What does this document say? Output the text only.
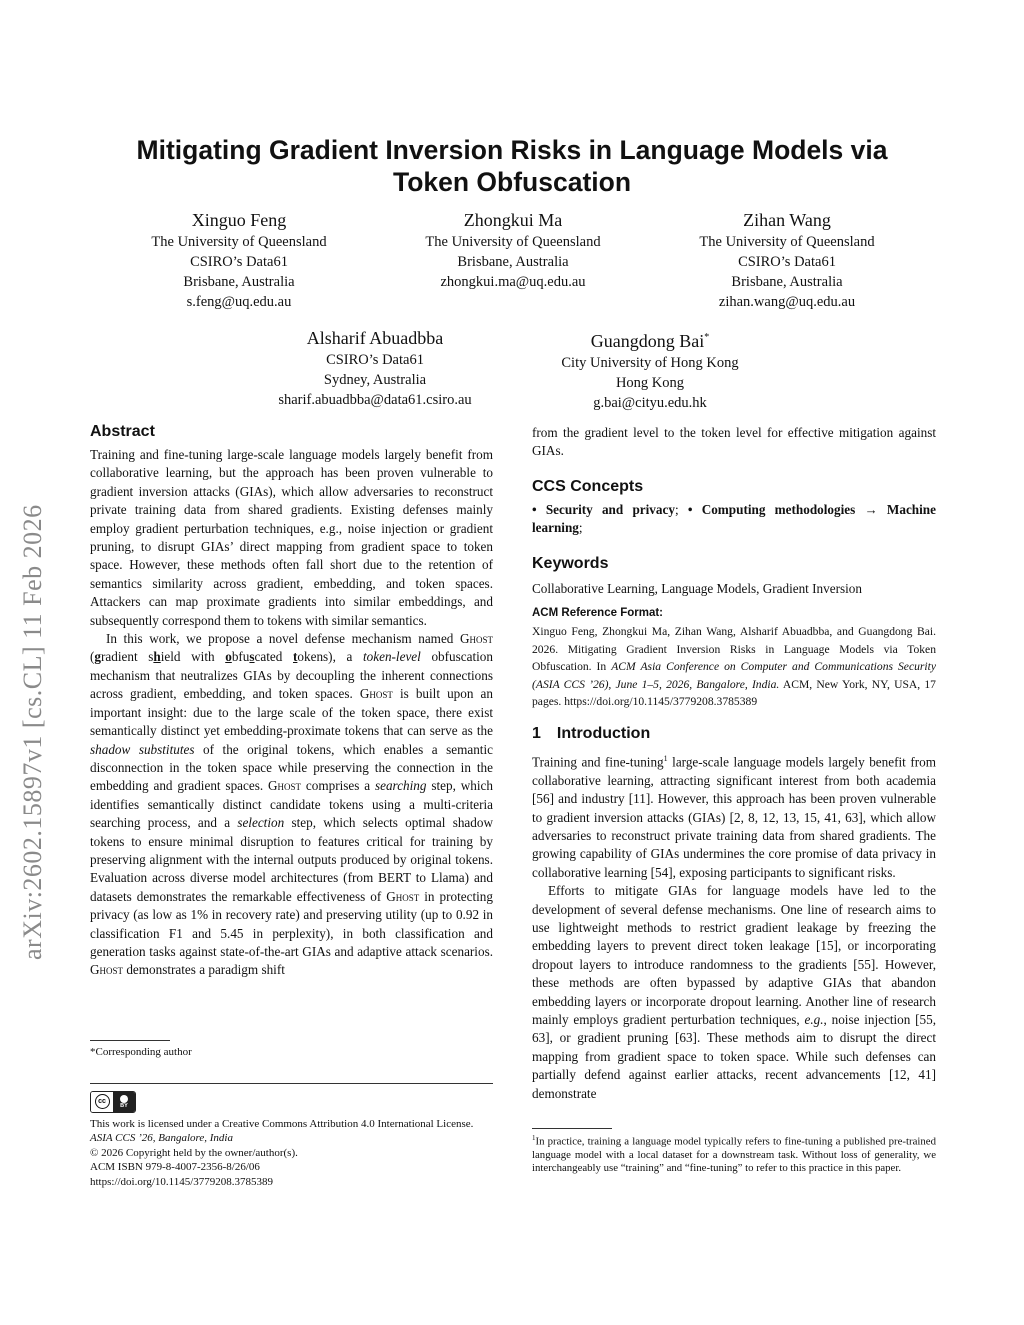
arXiv:2602.15897v1 [cs.CL] 11 Feb 2026
Mitigating Gradient Inversion Risks in Language Models via
Token Obfuscation
Xinguo Feng
The University of Queensland
CSIRO’s Data61
Brisbane, Australia
s.feng@uq.edu.au
Zhongkui Ma
The University of Queensland
Brisbane, Australia
zhongkui.ma@uq.edu.au
Zihan Wang
The University of Queensland
CSIRO’s Data61
Brisbane, Australia
zihan.wang@uq.edu.au
Alsharif Abuadbba
CSIRO’s Data61
Sydney, Australia
sharif.abuadbba@data61.csiro.au
Guangdong Bai*
City University of Hong Kong
Hong Kong
g.bai@cityu.edu.hk
Abstract

Training and fine-tuning large-scale language models largely benefit from collaborative learning, but the approach has been proven vulnerable to gradient inversion attacks (GIAs), which allow adversaries to reconstruct private training data from shared gradients. Existing defenses mainly employ gradient perturbation techniques, e.g., noise injection or gradient pruning, to disrupt GIAs’ direct mapping from gradient space to token space. However, these methods often fall short due to the retention of semantics similarity across gradient, embedding, and token spaces. Attackers can map proximate gradients into similar embeddings, and subsequently correspond them to tokens with similar semantics.

In this work, we propose a novel defense mechanism named Ghost (gradient shield with obfuscated tokens), a token-level obfuscation mechanism that neutralizes GIAs by decoupling the inherent connections across gradient, embedding, and token spaces. Ghost is built upon an important insight: due to the large scale of the token space, there exist semantically distinct yet embedding-proximate tokens that can serve as the shadow substitutes of the original tokens, which enables a semantic disconnection in the token space while preserving the connection in the embedding and gradient spaces. Ghost comprises a searching step, which identifies semantically distinct candidate tokens using a multi-criteria searching process, and a selection step, which selects optimal shadow tokens to ensure minimal disruption to features critical for training by preserving alignment with the internal outputs produced by original tokens. Evaluation across diverse model architectures (from BERT to Llama) and datasets demonstrates the remarkable effectiveness of Ghost in protecting privacy (as low as 1% in recovery rate) and preserving utility (up to 0.92 in classification F1 and 5.45 in perplexity), in both classification and generation tasks against state-of-the-art GIAs and adaptive attack scenarios. Ghost demonstrates a paradigm shift

*Corresponding author
cc
BY
This work is licensed under a Creative Commons Attribution 4.0 International License.
ASIA CCS ’26, Bangalore, India
© 2026 Copyright held by the owner/author(s).
ACM ISBN 979-8-4007-2356-8/26/06
https://doi.org/10.1145/3779208.3785389

from the gradient level to the token level for effective mitigation against GIAs.

CCS Concepts

• Security and privacy; • Computing methodologies → Machine learning;

Keywords
Collaborative Learning, Language Models, Gradient Inversion
ACM Reference Format:
Xinguo Feng, Zhongkui Ma, Zihan Wang, Alsharif Abuadbba, and Guangdong Bai. 2026. Mitigating Gradient Inversion Risks in Language Models via Token Obfuscation. In ACM Asia Conference on Computer and Communications Security (ASIA CCS ’26), June 1–5, 2026, Bangalore, India. ACM, New York, NY, USA, 17 pages. https://doi.org/10.1145/3779208.3785389
1 Introduction

Training and fine-tuning$^1$ large-scale language models largely benefit from collaborative learning, attracting significant interest from both academia [56] and industry [11]. However, this approach has been proven vulnerable to gradient inversion attacks (GIAs) [2, 8, 12, 13, 15, 41, 63], which allow adversaries to reconstruct private training data from shared gradients. The growing capability of GIAs undermines the core promise of data privacy in collaborative learning [54], exposing participants to significant risks.

Efforts to mitigate GIAs for language models have led to the development of several defense mechanisms. One line of research aims to use lightweight methods to restrict gradient leakage by freezing the embedding layers to prevent direct token leakage [15], or incorporating dropout layers to introduce randomness to the gradients [55]. However, these methods are often bypassed by adaptive GIAs that abandon embedding layers or incorporate dropout learning. Another line of research mainly employs gradient perturbation techniques, e.g., noise injection [55, 63], or gradient pruning [63]. These methods aim to disrupt the direct mapping from gradient space to token space. While such defenses can partially defend against earlier attacks, recent advancements [12, 41] demonstrate

$^1$In practice, training a language model typically refers to fine-tuning a published pre-trained language model with a local dataset for a downstream task. Without loss of generality, we interchangeably use “training” and “fine-tuning” to refer to this practice in this paper.
